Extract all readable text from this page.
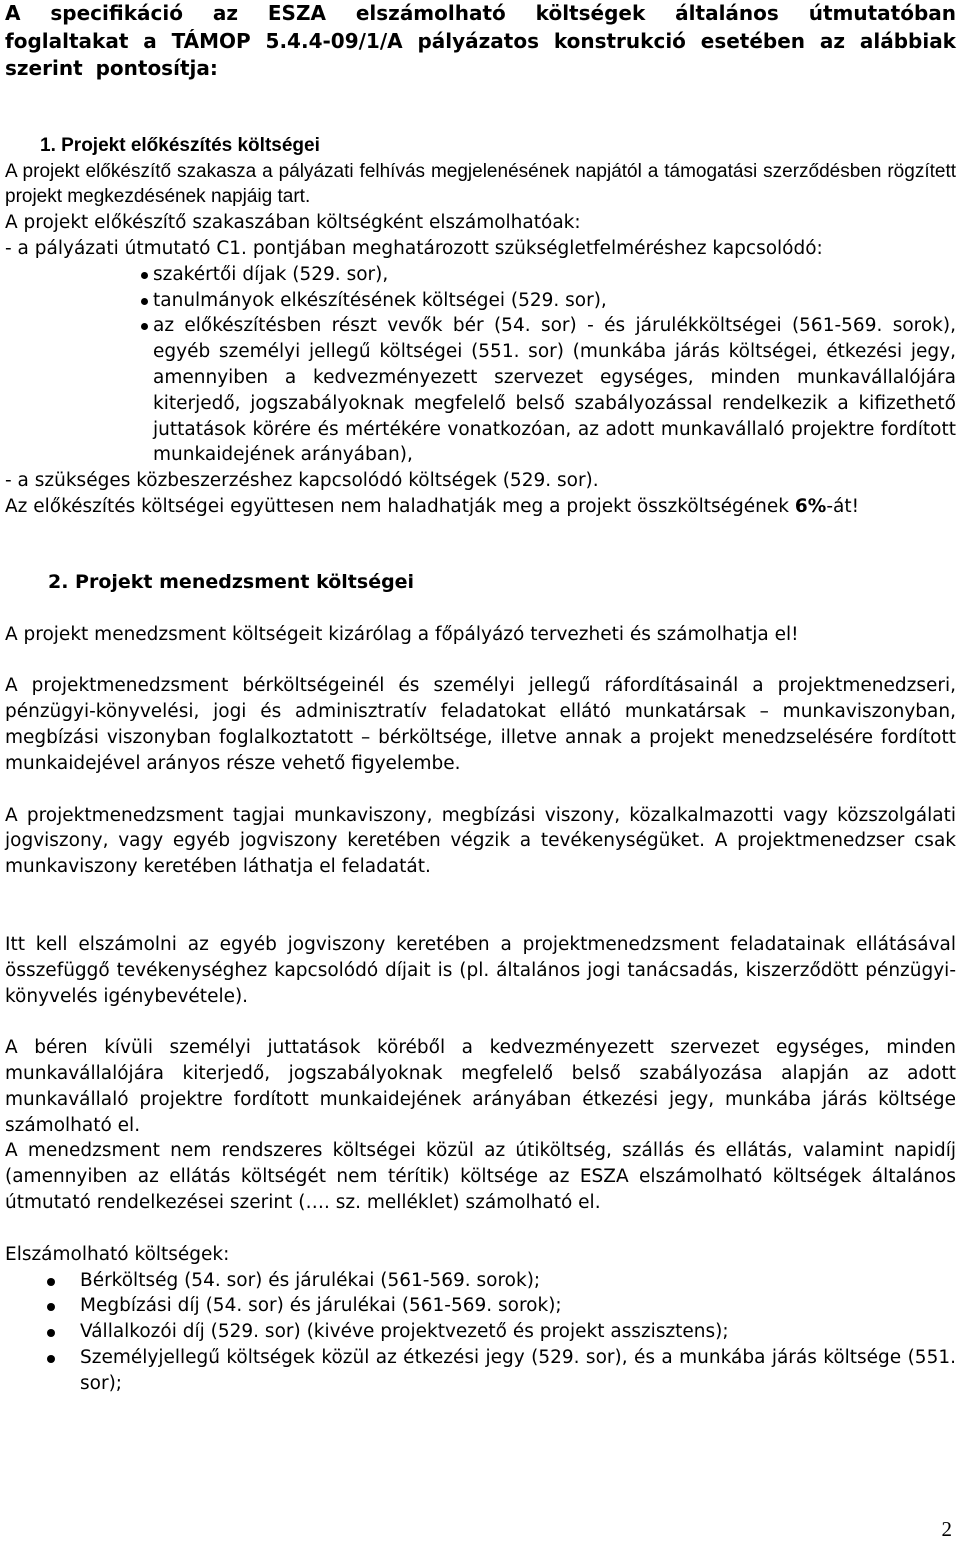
A specifikáció az ESZA elszámolható költségek általános útmutatóban foglaltakat a TÁMOP 5.4.4-09/1/A pályázatos konstrukció esetében az alábbiak szerint pontosítja:

1. Projekt előkészítés költségei

A projekt előkészítő szakasza a pályázati felhívás megjelenésének napjától a támogatási szerződésben rögzített projekt megkezdésének napjáig tart.

A projekt előkészítő szakaszában költségként elszámolhatóak:

- a pályázati útmutató C1. pontjában meghatározott szükségletfelméréshez kapcsolódó:

szakértői díjak (529. sor),
tanulmányok elkészítésének költségei (529. sor),
az előkészítésben részt vevők bér (54. sor) - és járulékköltségei (561-569. sorok), egyéb személyi jellegű költségei (551. sor) (munkába járás költségei, étkezési jegy, amennyiben a kedvezményezett szervezet egységes, minden munkavállalójára kiterjedő, jogszabályoknak megfelelő belső szabályozással rendelkezik a kifizethető juttatások körére és mértékére vonatkozóan, az adott munkavállaló projektre fordított munkaidejének arányában),

- a szükséges közbeszerzéshez kapcsolódó költségek (529. sor).

Az előkészítés költségei együttesen nem haladhatják meg a projekt összköltségének 6%-át!

2. Projekt menedzsment költségei

A projekt menedzsment költségeit kizárólag a főpályázó tervezheti és számolhatja el!

A projektmenedzsment bérköltségeinél és személyi jellegű ráfordításainál a projektmenedzseri, pénzügyi-könyvelési, jogi és adminisztratív feladatokat ellátó munkatársak – munkaviszonyban, megbízási viszonyban foglalkoztatott – bérköltsége, illetve annak a projekt menedzselésére fordított munkaidejével arányos része vehető figyelembe.

A projektmenedzsment tagjai munkaviszony, megbízási viszony, közalkalmazotti vagy közszolgálati jogviszony, vagy egyéb jogviszony keretében végzik a tevékenységüket. A projektmenedzser csak munkaviszony keretében láthatja el feladatát.

Itt kell elszámolni az egyéb jogviszony keretében a projektmenedzsment feladatainak ellátásával összefüggő tevékenységhez kapcsolódó díjait is (pl. általános jogi tanácsadás, kiszerződött pénzügyi-könyvelés igénybevétele).

A béren kívüli személyi juttatások köréből a kedvezményezett szervezet egységes, minden munkavállalójára kiterjedő, jogszabályoknak megfelelő belső szabályozása alapján az adott munkavállaló projektre fordított munkaidejének arányában étkezési jegy, munkába járás költsége számolható el.

A menedzsment nem rendszeres költségei közül az útiköltség, szállás és ellátás, valamint napidíj (amennyiben az ellátás költségét nem térítik) költsége az ESZA elszámolható költségek általános útmutató rendelkezései szerint (…. sz. melléklet) számolható el.

Elszámolható költségek:

Bérköltség (54. sor) és járulékai (561-569. sorok);
Megbízási díj (54. sor) és járulékai (561-569. sorok);
Vállalkozói díj (529. sor) (kivéve projektvezető és projekt asszisztens);
Személyjellegű költségek közül az étkezési jegy (529. sor), és a munkába járás költsége (551. sor);
2
